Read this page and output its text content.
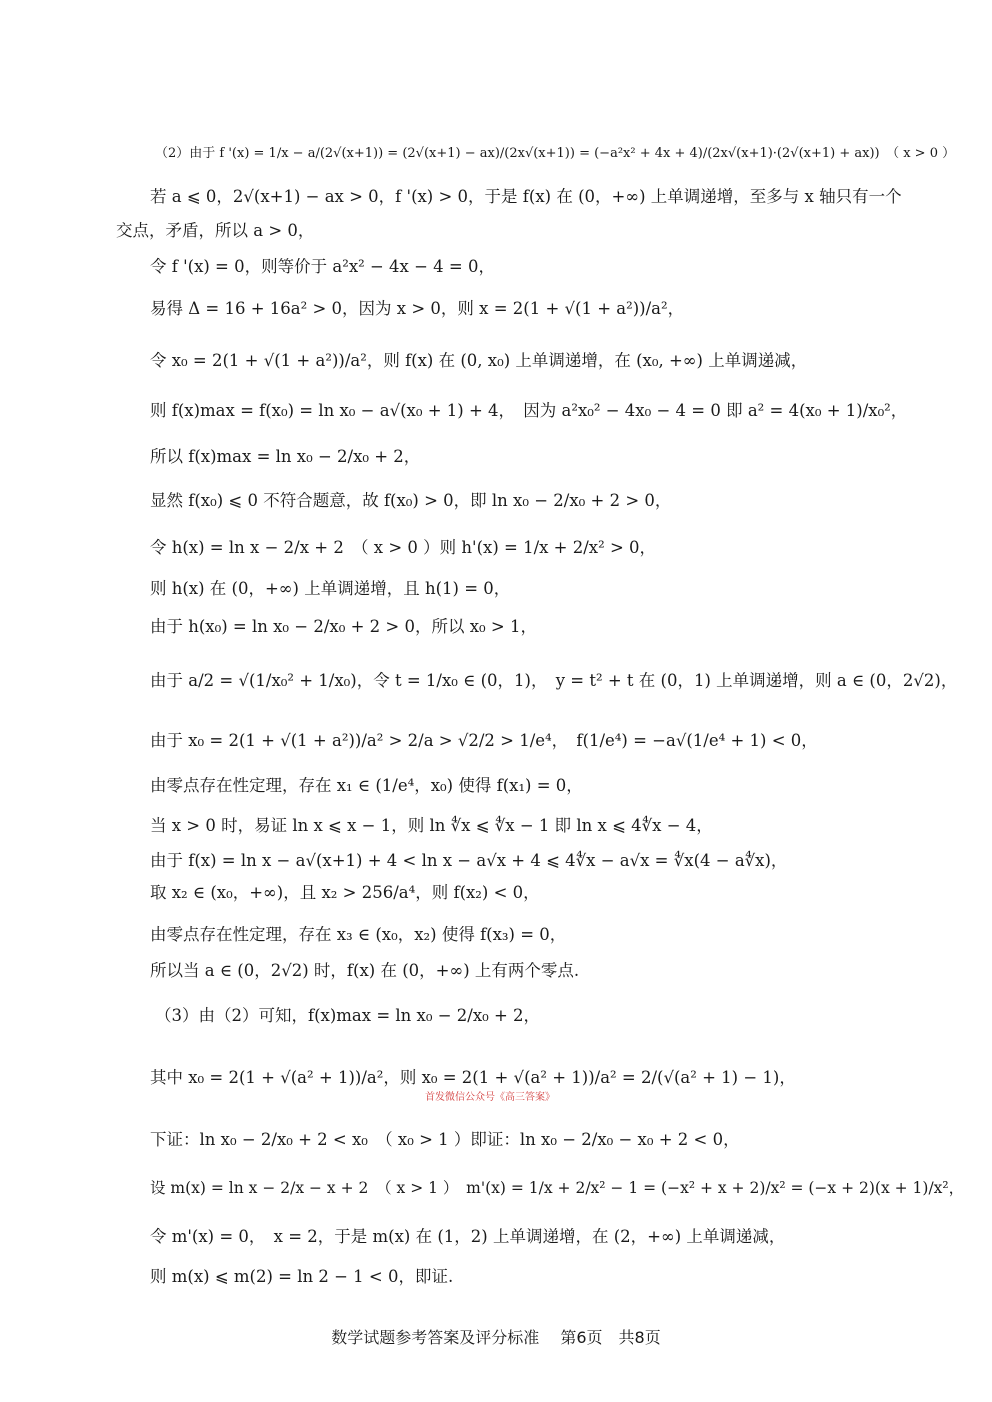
（2）由于 f '(x) = 1/x − a/(2√(x+1)) = (2√(x+1) − ax)/(2x√(x+1)) = (−a²x² + 4x + 4)/(2x√(x+1)·(2√(x+1) + ax))　（ x > 0 ）
若 a ⩽ 0，2√(x+1) − ax > 0，f '(x) > 0，于是 f(x) 在 (0，+∞) 上单调递增，至多与 x 轴只有一个
交点，矛盾，所以 a > 0，
令 f '(x) = 0，则等价于 a²x² − 4x − 4 = 0，
易得 Δ = 16 + 16a² > 0，因为 x > 0，则 x = 2(1 + √(1 + a²))/a²，
令 x₀ = 2(1 + √(1 + a²))/a²，则 f(x) 在 (0, x₀) 上单调递增，在 (x₀, +∞) 上单调递减，
则 f(x)max = f(x₀) = ln x₀ − a√(x₀ + 1) + 4，　因为 a²x₀² − 4x₀ − 4 = 0 即 a² = 4(x₀ + 1)/x₀²，
所以 f(x)max = ln x₀ − 2/x₀ + 2，
显然 f(x₀) ⩽ 0 不符合题意，故 f(x₀) > 0，即 ln x₀ − 2/x₀ + 2 > 0，
令 h(x) = ln x − 2/x + 2　（ x > 0 ）则 h'(x) = 1/x + 2/x² > 0，
则 h(x) 在 (0，+∞) 上单调递增，且 h(1) = 0，
由于 h(x₀) = ln x₀ − 2/x₀ + 2 > 0，所以 x₀ > 1，
由于 a/2 = √(1/x₀² + 1/x₀)，令 t = 1/x₀ ∈ (0，1)，　y = t² + t 在 (0，1) 上单调递增，则 a ∈ (0，2√2)，
由于 x₀ = 2(1 + √(1 + a²))/a² > 2/a > √2/2 > 1/e⁴，　f(1/e⁴) = −a√(1/e⁴ + 1) < 0，
由零点存在性定理，存在 x₁ ∈ (1/e⁴，x₀) 使得 f(x₁) = 0，
当 x > 0 时，易证 ln x ⩽ x − 1，则 ln ∜x ⩽ ∜x − 1 即 ln x ⩽ 4∜x − 4，
由于 f(x) = ln x − a√(x+1) + 4 < ln x − a√x + 4 ⩽ 4∜x − a√x = ∜x(4 − a∜x)，
取 x₂ ∈ (x₀，+∞)，且 x₂ > 256/a⁴，则 f(x₂) < 0，
由零点存在性定理，存在 x₃ ∈ (x₀，x₂) 使得 f(x₃) = 0，
所以当 a ∈ (0，2√2) 时，f(x) 在 (0，+∞) 上有两个零点.
（3）由（2）可知，f(x)max = ln x₀ − 2/x₀ + 2，
其中 x₀ = 2(1 + √(a² + 1))/a²，则 x₀ = 2(1 + √(a² + 1))/a² = 2/(√(a² + 1) − 1)，
下证：ln x₀ − 2/x₀ + 2 < x₀　（ x₀ > 1 ）即证：ln x₀ − 2/x₀ − x₀ + 2 < 0，
设 m(x) = ln x − 2/x − x + 2　（ x > 1 ）　m'(x) = 1/x + 2/x² − 1 = (−x² + x + 2)/x² = (−x + 2)(x + 1)/x²，
令 m'(x) = 0，　x = 2，于是 m(x) 在 (1，2) 上单调递增，在 (2，+∞) 上单调递减，
则 m(x) ⩽ m(2) = ln 2 − 1 < 0，即证.
首发微信公众号《高三答案》
数学试题参考答案及评分标准　 第6页　共8页
